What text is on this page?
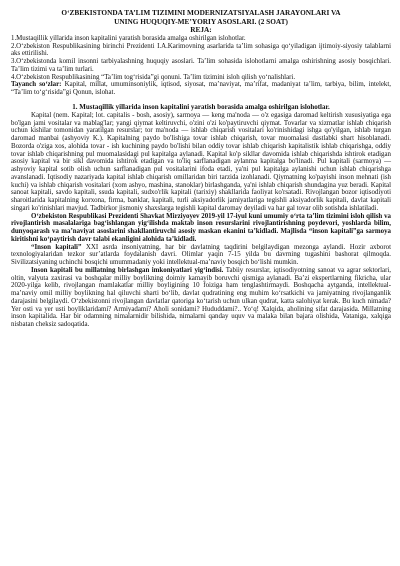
​

O‘ZBEKISTONDA TA’LIM TIZIMINI MODERNIZATSIYALASH JARAYONLARI VA

UNING HUQUQIY-ME’YORIY ASOSLARI. (2 SOAT)

REJA:

1.Mustaqillik yillarida inson kapitalini yaratish borasida amalga oshirilgan islohotlar.

2.O‘zbekiston Respublikasining birinchi Prezidenti I.A.Karimovning asarlarida ta’lim sohasiga qo‘yiladigan ijtimoiy-siyosiy talablarni aks ettirilishi.

3.O‘zbekistonda komil insonni tarbiyalashning huquqiy asoslari. Ta’lim sohasida islohotlarni amalga oshirishning asosiy bosqichlari. Ta’lim tizimi va ta’lim turlari.

4.O‘zbekiston Respublikasining “Ta’lim tog‘risida”gi qonuni. Ta’lim tizimini isloh qilish yo‘nalishlari.

Tayanch so‘zlar: Kapital, millat, umuminsoniylik, iqtisod, siyosat, ma’naviyat, ma’rifat, madaniyat ta’lim, tarbiya, bilim, intelekt, “Ta’lim to‘g‘risida”gi Qonun, islohat.

1. Mustaqillik yillarida inson kapitalini yaratish borasida amalga oshirilgan islohotlar.

Kapital (nem. Kapital; lot. capitalis - bosh, asosiy), sarmoya — keng ma'noda — o'z egasiga daromad keltirish xususiyatiga ega bo'lgan jami vositalar va mablag'lar; yangi qiymat keltiruvchi, o'zini o'zi ko'paytiruvchi qiymat. Tovarlar va xizmatlar ishlab chiqarish uchun kishilar tomonidan yaratilgan resurslar; tor ma'noda — ishlab chiqarish vositalari ko'rinishidagi ishga qo'yilgan, ishlab turgan daromad manbai (ashyoviy K.). Kapitalning paydo bo'lishiga tovar ishlab chiqarish, tovar muomalasi dastlabki shart hisoblanadi. Bozorda o'ziga xos, alohida tovar - ish kuchining paydo bo'lishi bilan oddiy tovar ishlab chiqarish kapitalistik ishlab chiqarishga, oddiy tovar ishlab chiqarishning pul muomalasidagi pul kapitalga aylanadi. Kapital ko'p sikllar davomida ishlab chiqarishda ishtirok etadigan asosiy kapital va bir sikl davomida ishtirok etadigan va to'liq sarflanadigan aylanma kapitalga bo'linadi. Pul kapitali (sarmoya) — ashyoviy kapital sotib olish uchun sarflanadigan pul vositalarini ifoda etadi, ya'ni pul kapitalga aylanishi uchun ishlab chiqarishga avanslanadi. Iqtisodiy nazariyada kapital ishlab chiqarish omillaridan biri tarzida izohlanadi. Qiymatning ko'payishi inson mehnati (ish kuchi) va ishlab chiqarish vositalari (xom ashyo, mashina, stanoklar) birlashganda, ya'ni ishlab chiqarish shundagina yuz beradi. Kapital sanoat kapitali, savdo kapitali, ssuda kapitali, sudxo'rlik kapitali (tarixiy) shakllarida faoliyat ko'rsatadi. Rivojlangan bozor iqtisodiyoti sharoitlarida kapitalning korxona, firma, banklar, kapitali, turli aksiyadorlik jamiyatlariga tegishli aksiyadorlik kapitali, davlat kapitali singari ko'rinishlari mavjud. Tadbirkor jismoniy shaxslarga tegishli kapital daromay deyiladi va har gal tovar olib sotishda ishlatiladi.

O‘zbekiston Respublikasi Prezidenti Shavkat Mirziyoyev 2019-yil 17-iyul kuni umumiy o‘rta ta’lim tizimini isloh qilish va rivojlantirish masalalariga bag‘ishlangan yig‘ilishda maktab inson resurslarini rivojlantirishning poydevori, yoshlarda bilim, dunyoqarash va ma’naviyat asoslarini shakllantiruvchi asosiy maskan ekanini ta’kidladi. Majlisda “inson kapitali”ga sarmoya kiritishni ko‘paytirish davr talabi ekanligini alohida ta’kidladi.

“Inson kapitali” XXI asrda insoniyatning, har bir davlatning taqdirini belgilaydigan mezonga aylandi. Hozir axborot texnologiyalaridan tezkor sur’atlarda foydalanish davri. Olimlar yaqin 7-15 yilda bu davrning tugashini bashorat qilmoqda. Sivilizatsiyaning uchinchi bosqichi umummadaniy yoki intellektual-ma’naviy bosqich bo‘lishi mumkin.

Inson kapitali bu millatning birlashgan imkoniyatlari yig‘indisi. Tabiiy resurslar, iqtisodiyotning sanoat va agrar sektorlari, oltin, valyuta zaxirasi va boshqalar milliy boylikning doimiy kamayib boruvchi qismiga aylanadi. Ba’zi ekspertlarning fikricha, ular 2020-yilga kelib, rivojlangan mamlakatlar milliy boyligining 10 foiziga ham tenglashtirmaydi. Boshqacha aytganda, intellektual-ma’naviy omil milliy boylikning hal qiluvchi sharti bo‘lib, davlat qudratining eng muhim ko‘rsatkichi va jamiyatning rivojlanganlik darajasini belgilaydi. O‘zbekistonni rivojlangan davlatlar qatoriga ko‘tarish uchun ulkan qudrat, katta salohiyat kerak. Bu kuch nimada? Yer osti va yer usti boyliklaridami? Armiyadami? Aholi sonidami? Hududdami?.. Yo‘q! Xalqida, aholining sifat darajasida. Millatning inson kapitalida. Har bir odamning nimalarnidir bilishida, nimalarni qanday uquv va malaka bilan bajara olishida, Vataniga, xalqiga nisbatan cheksiz sadoqatida.
